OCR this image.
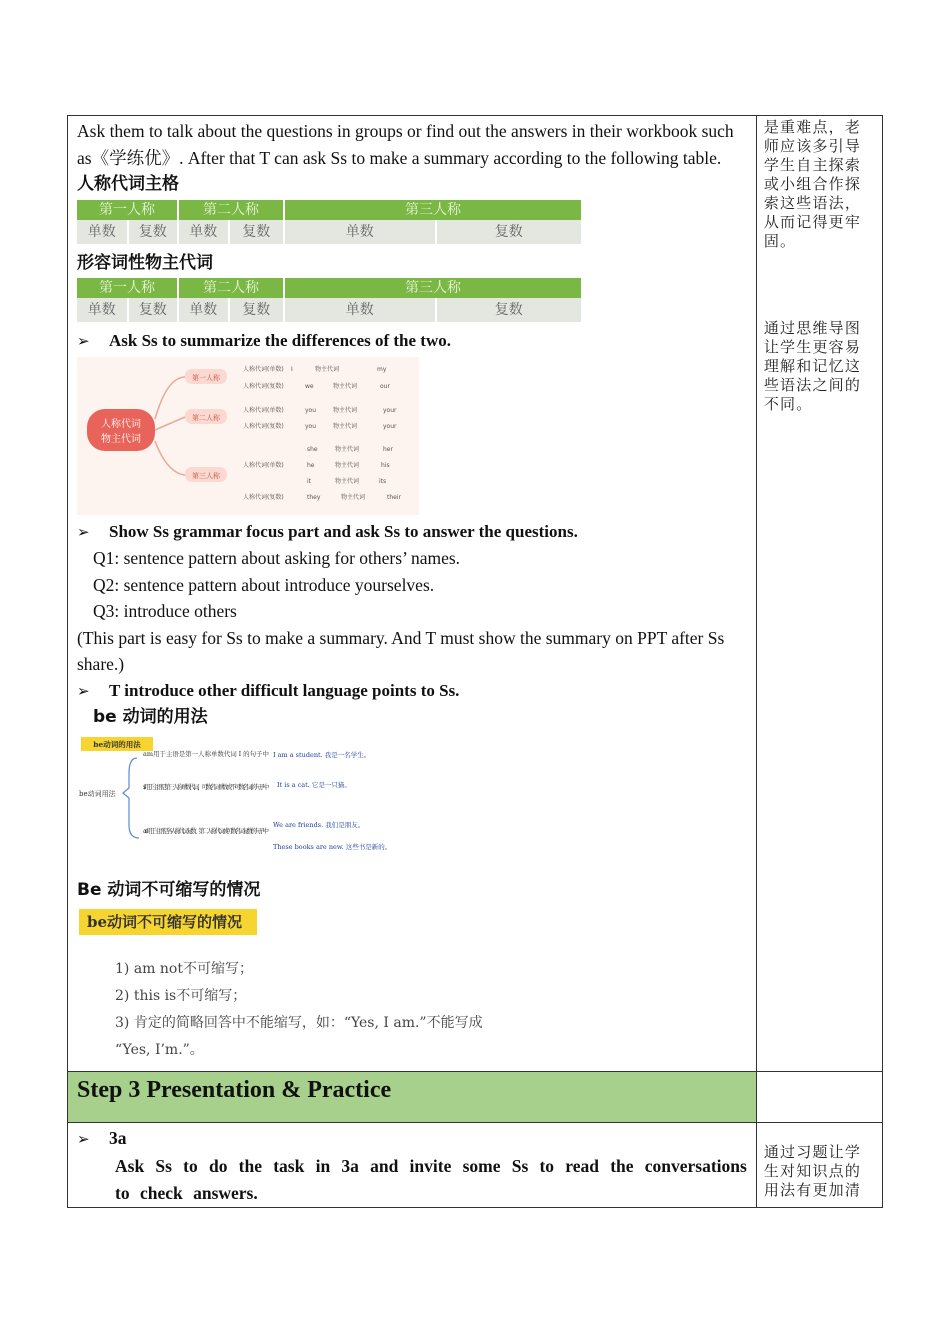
Ask them to talk about the questions in groups or find out the answers in their workbook such as《学练优》. After that T can ask Ss to make a summary according to the following table.
人称代词主格
第一人称	第二人称	第三人称
单数	复数	单数	复数	单数	复数
形容词性物主代词
第一人称	第二人称	第三人称
单数	复数	单数	复数	单数	复数
➢ Ask Ss to summarize the differences of the two.
人称代词
物主代词
第一人称
第二人称
第三人称
人称代词(单数) I	物主代词	my
人称代词(复数)	we	物主代词	our
人称代词(单数)	you	物主代词	your
人称代词(复数)	you	物主代词	your
人称代词(单数)
she	物主代词	her
he	物主代词	his
it	物主代词	its
人称代词(复数)	they	物主代词	their
➢ Show Ss grammar focus part and ask Ss to answer the questions.
Q1: sentence pattern about asking for others’ names.
Q2: sentence pattern about introduce yourselves.
Q3: introduce others
(This part is easy for Ss to make a summary. And T must show the summary on PPT after Ss share.)
➢ T introduce other difficult language points to Ss.
be 动词的用法
be动词的用法
be动词用法
am用于主语是第一人称单数代词 I 的句子中
is用于主语是第三人称单数代词，可数名词单数或不可数名词的句子中
are用于主语是各人称代词复数、第二人称代词或可数名词复数的句子中
I am a student. 我是一名学生。
It is a cat. 它是一只猫。
We are friends. 我们是朋友。
These books are new. 这些书是新的。
Be 动词不可缩写的情况
be动词不可缩写的情况
1) am not不可缩写；
2) this is不可缩写；
3) 肯定的简略回答中不能缩写，如：“Yes, I am.”不能写成
“Yes, I’m.”。

是重难点，老师应该多引导学生自主探索或小组合作探索这些语法，从而记得更牢固。
通过思维导图让学生更容易理解和记忆这些语法之间的不同。

Step 3 Presentation & Practice

➢ 3a
Ask Ss to do the task in 3a and invite some Ss to read the conversations to check answers.

通过习题让学生对知识点的用法有更加清
